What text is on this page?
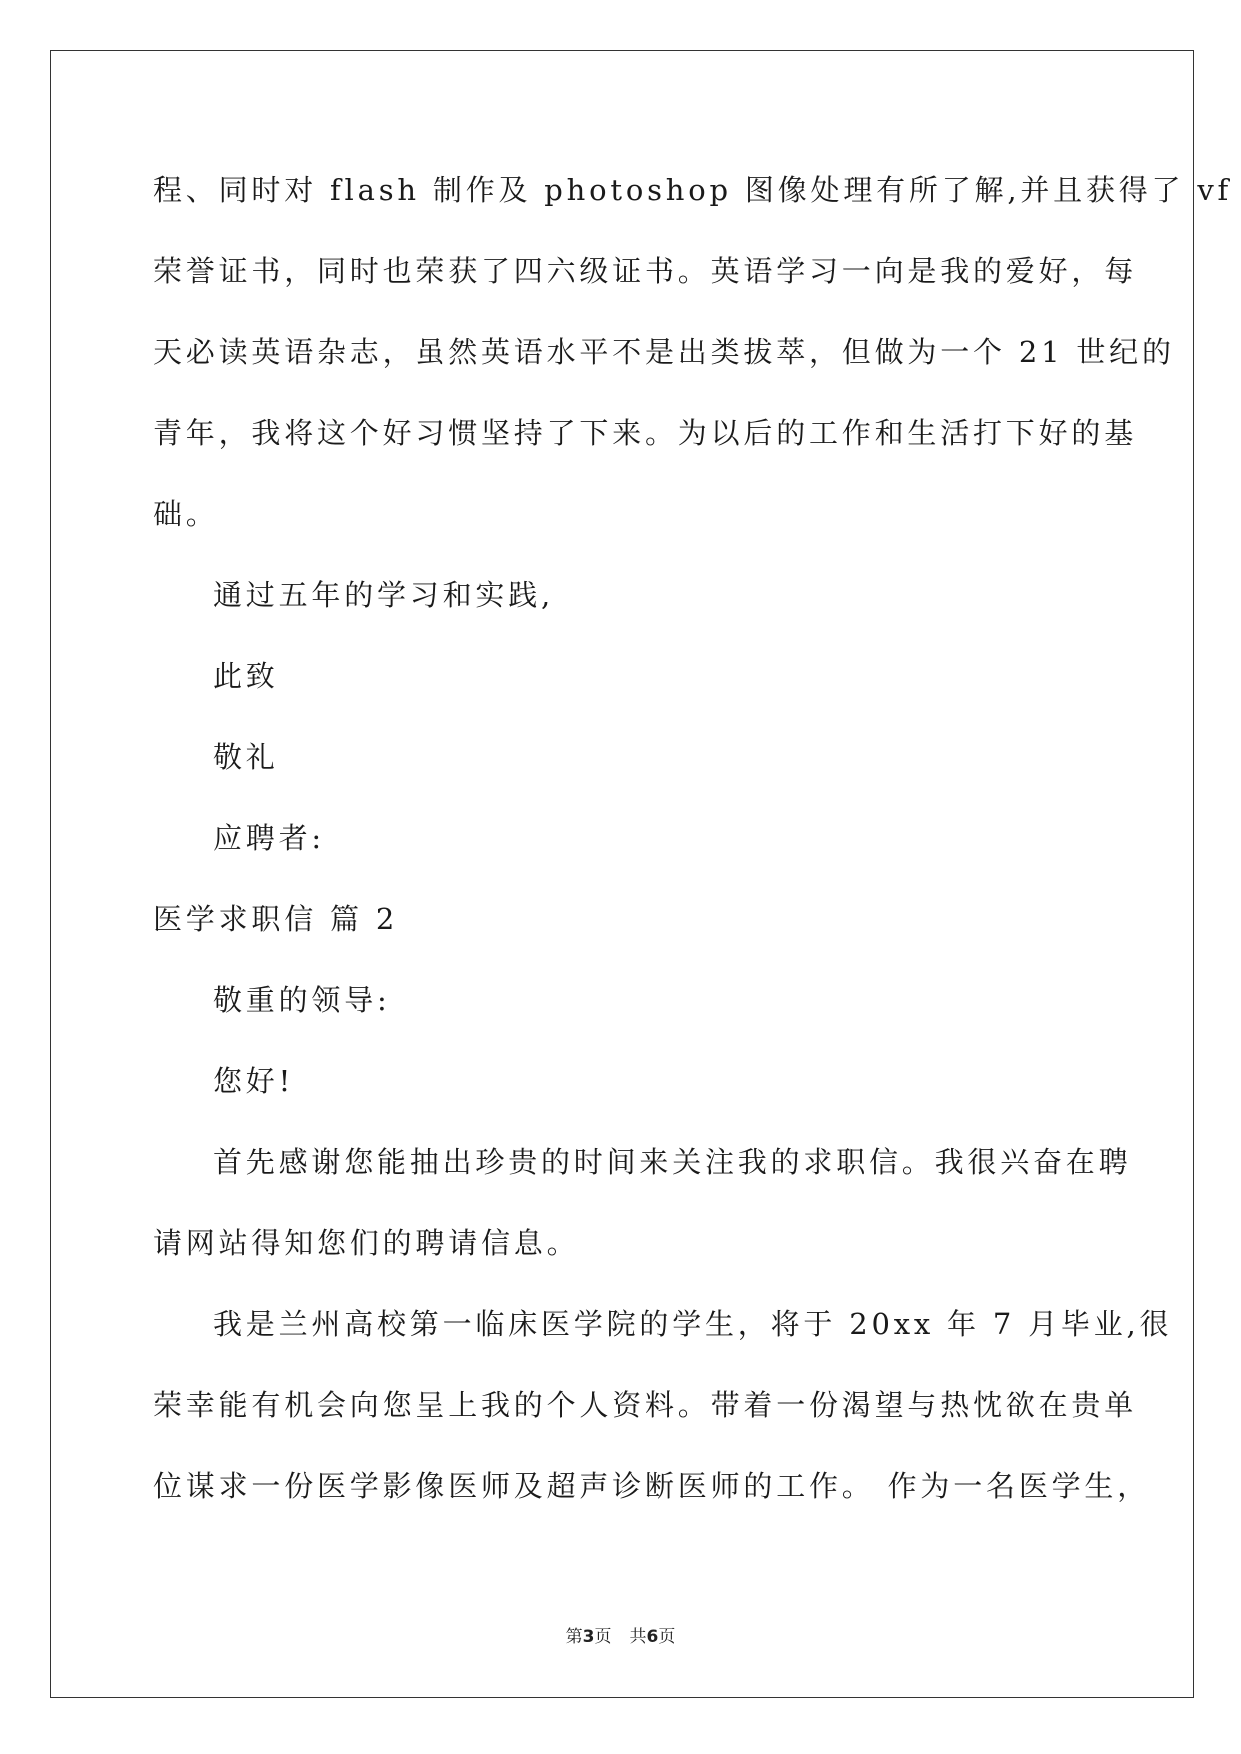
程、同时对 flash 制作及 photoshop 图像处理有所了解,并且获得了 vf

荣誉证书，同时也荣获了四六级证书。英语学习一向是我的爱好，每

天必读英语杂志，虽然英语水平不是出类拔萃，但做为一个 21 世纪的

青年，我将这个好习惯坚持了下来。为以后的工作和生活打下好的基

础。

通过五年的学习和实践,

此致

敬礼

应聘者:

医学求职信 篇 2

敬重的领导:

您好!

首先感谢您能抽出珍贵的时间来关注我的求职信。我很兴奋在聘

请网站得知您们的聘请信息。

我是兰州高校第一临床医学院的学生，将于 20xx 年 7 月毕业,很

荣幸能有机会向您呈上我的个人资料。带着一份渴望与热忱欲在贵单

位谋求一份医学影像医师及超声诊断医师的工作。 作为一名医学生，

第3页 共6页
